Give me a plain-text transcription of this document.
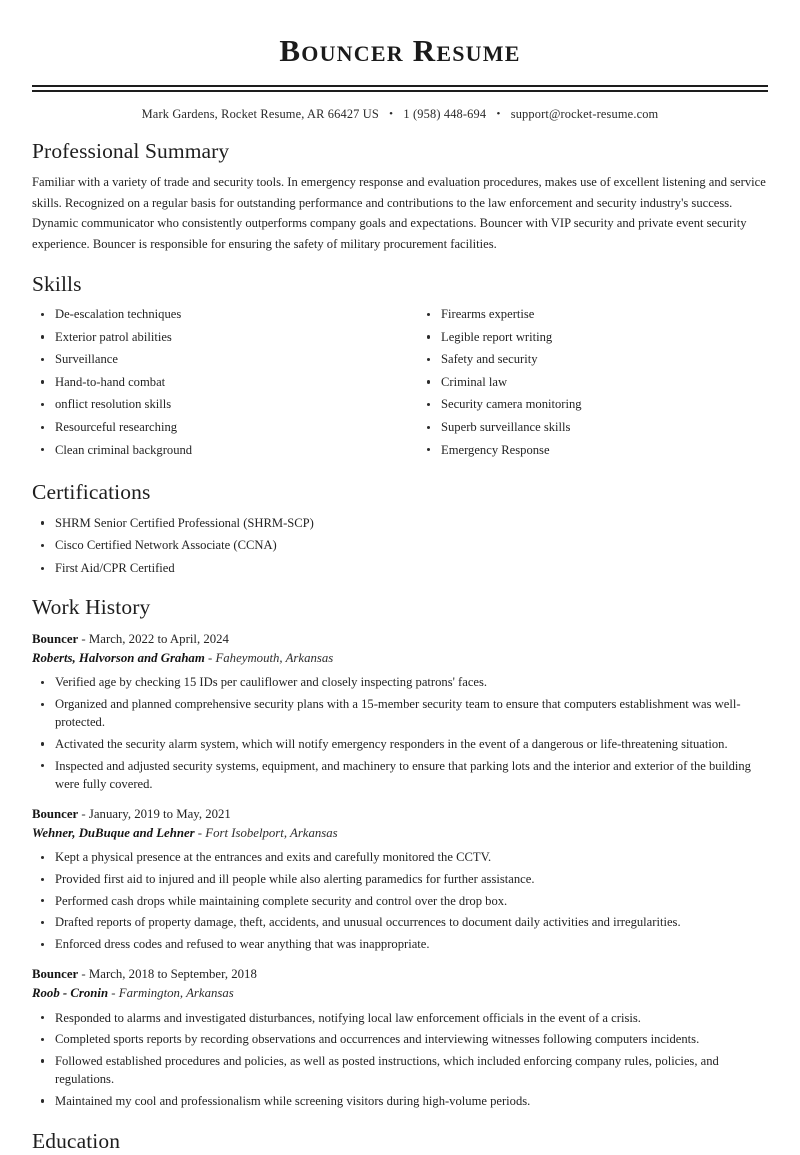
Bouncer Resume
Mark Gardens, Rocket Resume, AR 66427 US • 1 (958) 448-694 • support@rocket-resume.com
Professional Summary

Familiar with a variety of trade and security tools. In emergency response and evaluation procedures, makes use of excellent listening and service skills. Recognized on a regular basis for outstanding performance and contributions to the law enforcement and security industry's success. Dynamic communicator who consistently outperforms company goals and expectations. Bouncer with VIP security and private event security experience. Bouncer is responsible for ensuring the safety of military procurement facilities.

Skills
De-escalation techniques
Exterior patrol abilities
Surveillance
Hand-to-hand combat
onflict resolution skills
Resourceful researching
Clean criminal background
Firearms expertise
Legible report writing
Safety and security
Criminal law
Security camera monitoring
Superb surveillance skills
Emergency Response
Certifications
SHRM Senior Certified Professional (SHRM-SCP)
Cisco Certified Network Associate (CCNA)
First Aid/CPR Certified
Work History
Bouncer - March, 2022 to April, 2024
Roberts, Halvorson and Graham - Faheymouth, Arkansas
Verified age by checking 15 IDs per cauliflower and closely inspecting patrons' faces.
Organized and planned comprehensive security plans with a 15-member security team to ensure that computers establishment was well-protected.
Activated the security alarm system, which will notify emergency responders in the event of a dangerous or life-threatening situation.
Inspected and adjusted security systems, equipment, and machinery to ensure that parking lots and the interior and exterior of the building were fully covered.
Bouncer - January, 2019 to May, 2021
Wehner, DuBuque and Lehner - Fort Isobelport, Arkansas
Kept a physical presence at the entrances and exits and carefully monitored the CCTV.
Provided first aid to injured and ill people while also alerting paramedics for further assistance.
Performed cash drops while maintaining complete security and control over the drop box.
Drafted reports of property damage, theft, accidents, and unusual occurrences to document daily activities and irregularities.
Enforced dress codes and refused to wear anything that was inappropriate.
Bouncer - March, 2018 to September, 2018
Roob - Cronin - Farmington, Arkansas
Responded to alarms and investigated disturbances, notifying local law enforcement officials in the event of a crisis.
Completed sports reports by recording observations and occurrences and interviewing witnesses following computers incidents.
Followed established procedures and policies, as well as posted instructions, which included enforcing company rules, policies, and regulations.
Maintained my cool and professionalism while screening visitors during high-volume periods.
Education
